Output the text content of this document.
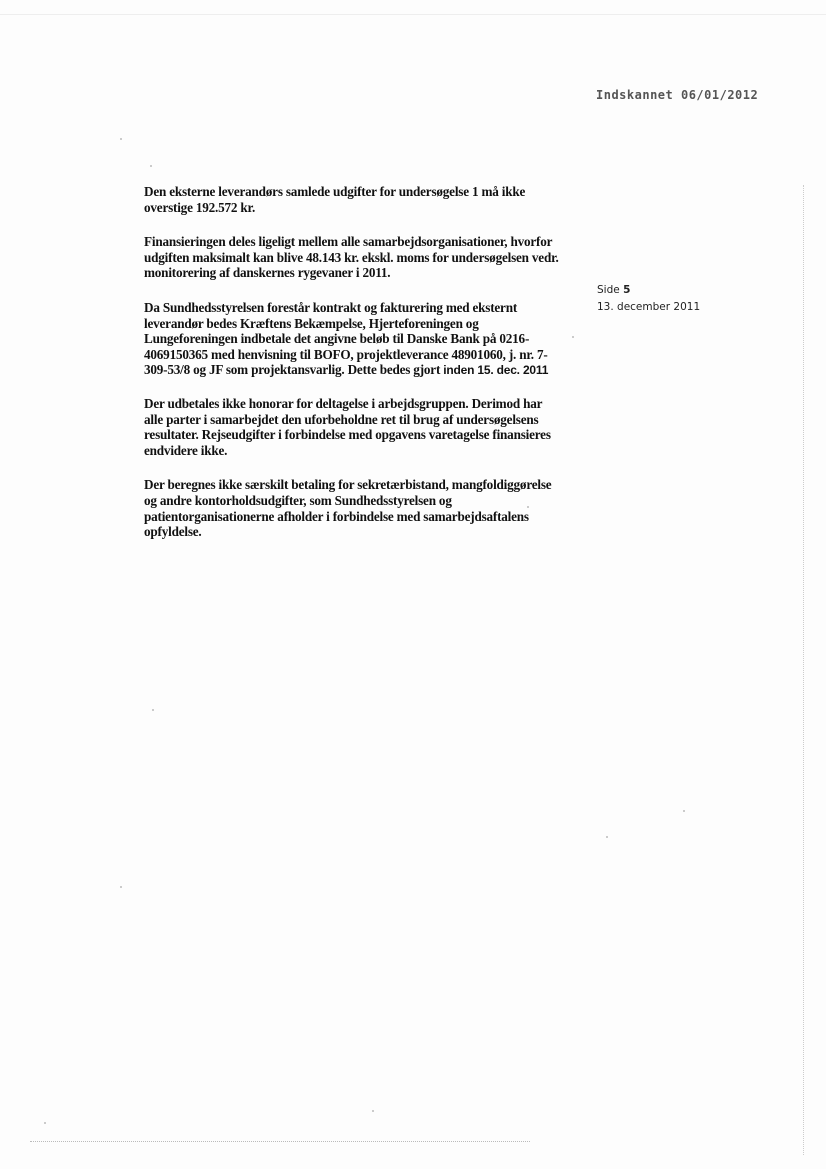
Indskannet 06/01/2012
Side 5
13. december 2011

Den eksterne leverandørs samlede udgifter for undersøgelse 1 må ikke overstige 192.572 kr.

Finansieringen deles ligeligt mellem alle samarbejdsorganisationer, hvorfor udgiften maksimalt kan blive 48.143 kr. ekskl. moms for undersøgelsen vedr. monitorering af danskernes rygevaner i 2011.

Da Sundhedsstyrelsen forestår kontrakt og fakturering med eksternt leverandør bedes Kræftens Bekæmpelse, Hjerteforeningen og Lungeforeningen indbetale det angivne beløb til Danske Bank på 0216-4069150365 med henvisning til BOFO, projektleverance 48901060, j. nr. 7-309-53/8 og JF som projektansvarlig. Dette bedes gjort inden 15. dec. 2011

Der udbetales ikke honorar for deltagelse i arbejdsgruppen. Derimod har alle parter i samarbejdet den uforbeholdne ret til brug af undersøgelsens resultater. Rejseudgifter i forbindelse med opgavens varetagelse finansieres endvidere ikke.

Der beregnes ikke særskilt betaling for sekretærbistand, mangfoldiggørelse og andre kontorholdsudgifter, som Sundhedsstyrelsen og patientorganisationerne afholder i forbindelse med samarbejdsaftalens opfyldelse.
